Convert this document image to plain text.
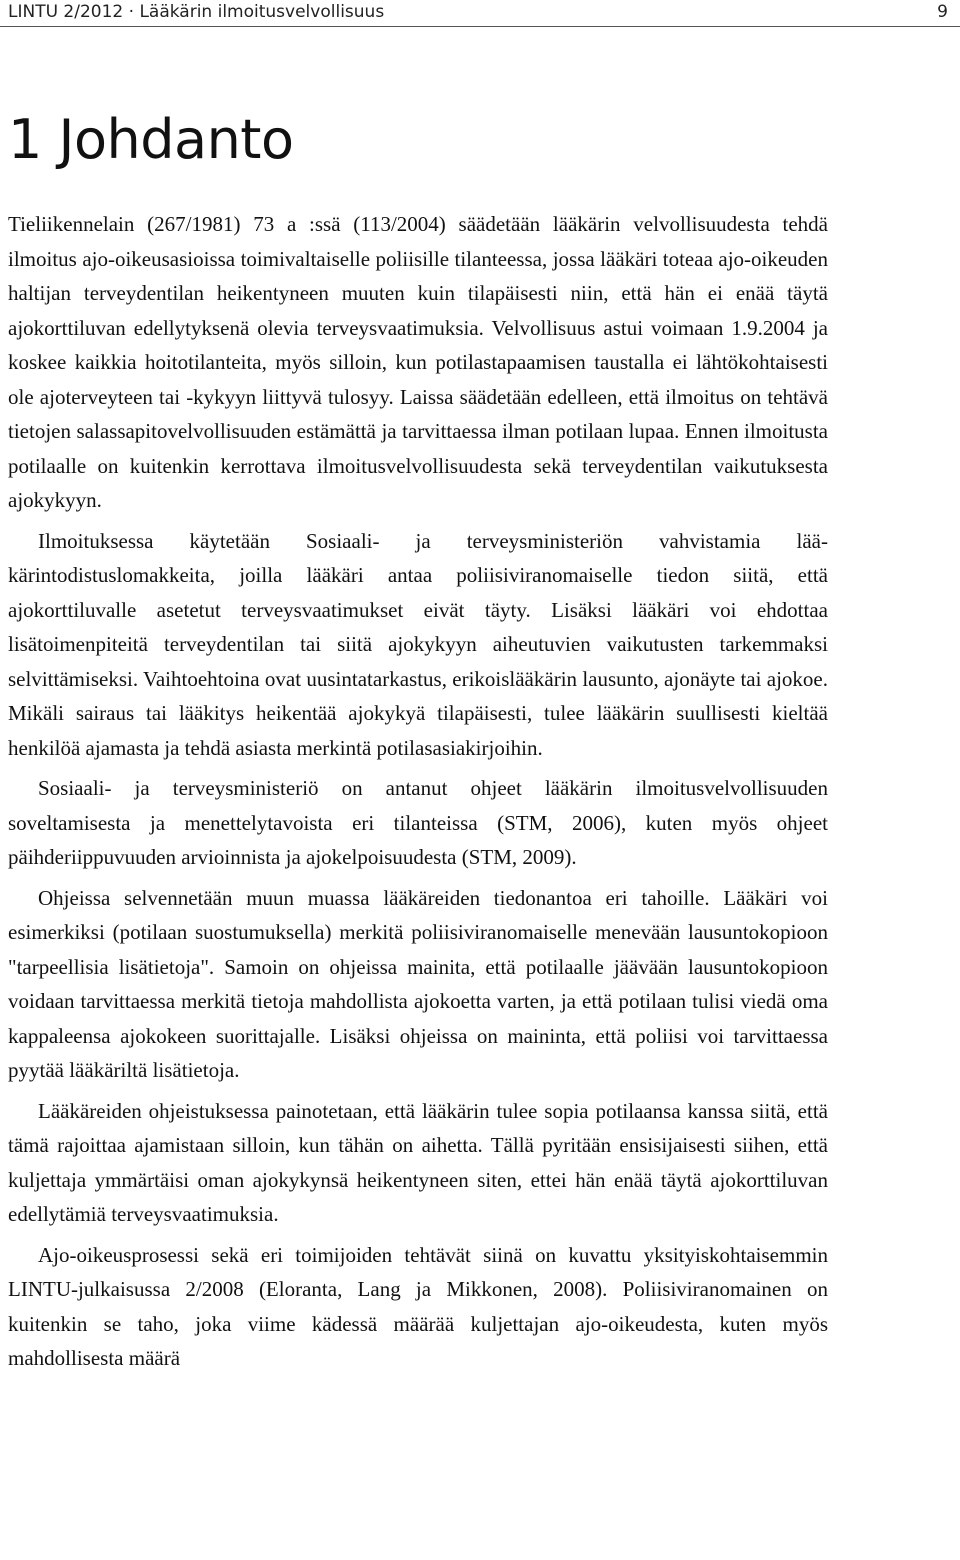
LINTU 2/2012 · Lääkärin ilmoitusvelvollisuus	9
1 Johdanto

Tieliikennelain (267/1981) 73 a :ssä (113/2004) säädetään lääkärin velvollisuudesta tehdä ilmoitus ajo-oikeusasioissa toimivaltaiselle poliisille tilanteessa, jossa lääkäri toteaa ajo-oikeuden haltijan terveydentilan heikentyneen muuten kuin tilapäisesti niin, että hän ei enää täytä ajokorttiluvan edellytyksenä olevia terveysvaatimuksia. Velvollisuus astui voimaan 1.9.2004 ja koskee kaikkia hoitotilanteita, myös silloin, kun potilastapaamisen taustalla ei lähtökohtaisesti ole ajoterveyteen tai -kykyyn liittyvä tulosyy. Laissa säädetään edelleen, että ilmoitus on tehtävä tietojen salassapitovelvollisuuden estämättä ja tarvittaessa ilman potilaan lupaa. Ennen ilmoitusta potilaalle on kuitenkin kerrottava ilmoitusvelvollisuudesta sekä terveydentilan vaikutuksesta ajokykyyn.

Ilmoituksessa käytetään Sosiaali- ja terveysministeriön vahvistamia lääkärintodistuslomakkeita, joilla lääkäri antaa poliisiviranomaiselle tiedon siitä, että ajokorttiluvalle asetetut terveysvaatimukset eivät täyty. Lisäksi lääkäri voi ehdottaa lisätoimenpiteitä terveydentilan tai siitä ajokykyyn aiheutuvien vaikutusten tarkemmaksi selvittämiseksi. Vaihtoehtoina ovat uusintatarkastus, erikoislääkärin lausunto, ajonäyte tai ajokoe. Mikäli sairaus tai lääkitys heikentää ajokykyä tilapäisesti, tulee lääkärin suullisesti kieltää henkilöä ajamasta ja tehdä asiasta merkintä potilasasiakirjoihin.

Sosiaali- ja terveysministeriö on antanut ohjeet lääkärin ilmoitusvelvollisuuden soveltamisesta ja menettelytavoista eri tilanteissa (STM, 2006), kuten myös ohjeet päihderiippuvuuden arvioinnista ja ajokelpoisuudesta (STM, 2009).

Ohjeissa selvennetään muun muassa lääkäreiden tiedonantoa eri tahoille. Lääkäri voi esimerkiksi (potilaan suostumuksella) merkitä poliisiviranomaiselle menevään lausuntokopioon "tarpeellisia lisätietoja". Samoin on ohjeissa mainita, että potilaalle jäävään lausuntokopioon voidaan tarvittaessa merkitä tietoja mahdollista ajokoetta varten, ja että potilaan tulisi viedä oma kappaleensa ajokokeen suorittajalle. Lisäksi ohjeissa on maininta, että poliisi voi tarvittaessa pyytää lääkäriltä lisätietoja.

Lääkäreiden ohjeistuksessa painotetaan, että lääkärin tulee sopia potilaansa kanssa siitä, että tämä rajoittaa ajamistaan silloin, kun tähän on aihetta. Tällä pyritään ensisijaisesti siihen, että kuljettaja ymmärtäisi oman ajokykynsä heikentyneen siten, ettei hän enää täytä ajokorttiluvan edellytämiä terveysvaatimuksia.

Ajo-oikeusprosessi sekä eri toimijoiden tehtävät siinä on kuvattu yksityiskohtaisemmin LINTU-julkaisussa 2/2008 (Eloranta, Lang ja Mikkonen, 2008). Poliisiviranomainen on kuitenkin se taho, joka viime kädessä määrää kuljettajan ajo-oikeudesta, kuten myös mahdollisesta määrä
